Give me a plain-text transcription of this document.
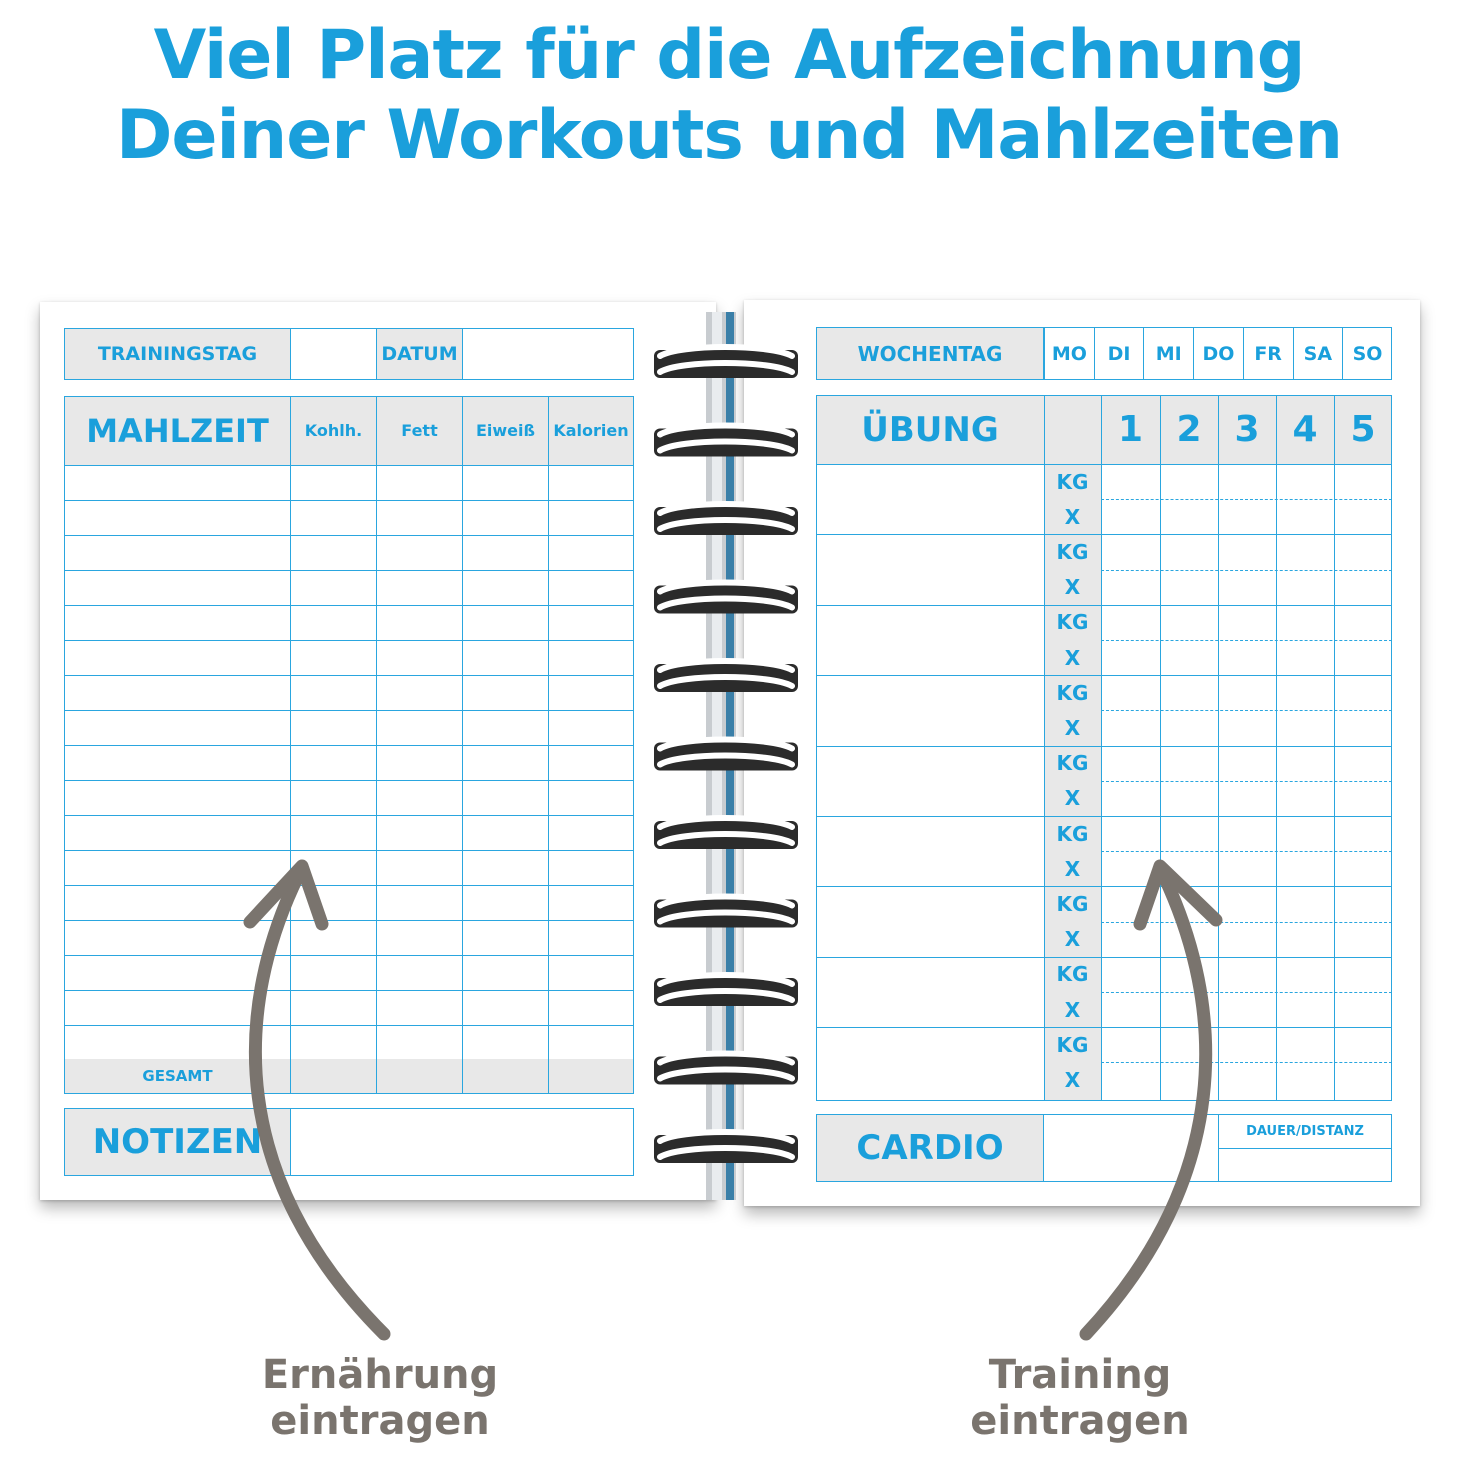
Viel Platz für die Aufzeichnung
Deiner Workouts und Mahlzeiten
TRAININGSTAG	DATUM
MAHLZEIT	Kohlh.	Fett	Eiweiß	Kalorien
GESAMT
NOTIZEN
WOCHENTAG	MO	DI	MI	DO	FR	SA	SO
ÜBUNG	1 2 3 4 5
KG
X
KG
X
KG
X
KG
X
KG
X
KG
X
KG
X
KG
X
KG
X
CARDIO	DAUER/DISTANZ
Ernährung
eintragen
Training
eintragen
